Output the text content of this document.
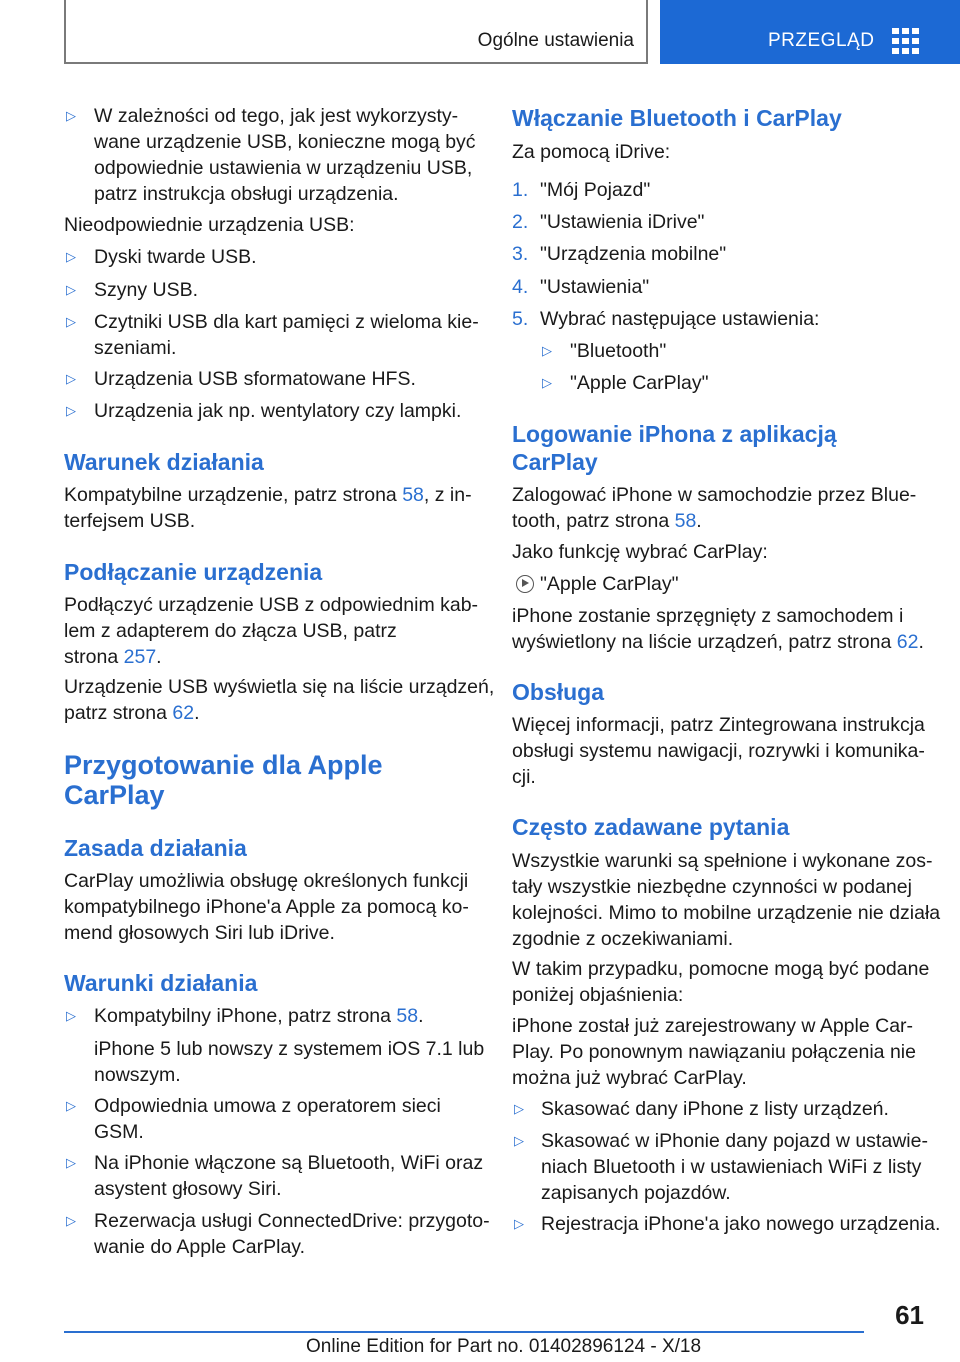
Ogólne ustawienia	PRZEGLĄD
▷ W zależności od tego, jak jest wykorzysty‐
wane urządzenie USB, konieczne mogą być
odpowiednie ustawienia w urządzeniu USB,
patrz instrukcja obsługi urządzenia.
Nieodpowiednie urządzenia USB:
▷ Dyski twarde USB.
▷ Szyny USB.
▷ Czytniki USB dla kart pamięci z wieloma kie‐
szeniami.
▷ Urządzenia USB sformatowane HFS.
▷ Urządzenia jak np. wentylatory czy lampki.
Warunek działania
Kompatybilne urządzenie, patrz strona 58, z in‐
terfejsem USB.
Podłączanie urządzenia
Podłączyć urządzenie USB z odpowiednim kab‐
lem z adapterem do złącza USB, patrz
strona 257.
Urządzenie USB wyświetla się na liście urządzeń,
patrz strona 62.
Przygotowanie dla Apple
CarPlay
Zasada działania
CarPlay umożliwia obsługę określonych funkcji
kompatybilnego iPhone'a Apple za pomocą ko‐
mend głosowych Siri lub iDrive.
Warunki działania
▷ Kompatybilny iPhone, patrz strona 58.
iPhone 5 lub nowszy z systemem iOS 7.1 lub
nowszym.
▷ Odpowiednia umowa z operatorem sieci
GSM.
▷ Na iPhonie włączone są Bluetooth, WiFi oraz
asystent głosowy Siri.
▷ Rezerwacja usługi ConnectedDrive: przygoto‐
wanie do Apple CarPlay.
Włączanie Bluetooth i CarPlay
Za pomocą iDrive:
1. "Mój Pojazd"
2. "Ustawienia iDrive"
3. "Urządzenia mobilne"
4. "Ustawienia"
5. Wybrać następujące ustawienia:
▷ "Bluetooth"
▷ "Apple CarPlay"
Logowanie iPhona z aplikacją
CarPlay
Zalogować iPhone w samochodzie przez Blue‐
tooth, patrz strona 58.
Jako funkcję wybrać CarPlay:
"Apple CarPlay"
iPhone zostanie sprzęgnięty z samochodem i
wyświetlony na liście urządzeń, patrz strona 62.
Obsługa
Więcej informacji, patrz Zintegrowana instrukcja
obsługi systemu nawigacji, rozrywki i komunika‐
cji.
Często zadawane pytania
Wszystkie warunki są spełnione i wykonane zos‐
tały wszystkie niezbędne czynności w podanej
kolejności. Mimo to mobilne urządzenie nie działa
zgodnie z oczekiwaniami.
W takim przypadku, pomocne mogą być podane
poniżej objaśnienia:
iPhone został już zarejestrowany w Apple Car‐
Play. Po ponownym nawiązaniu połączenia nie
można już wybrać CarPlay.
▷ Skasować dany iPhone z listy urządzeń.
▷ Skasować w iPhonie dany pojazd w ustawie‐
niach Bluetooth i w ustawieniach WiFi z listy
zapisanych pojazdów.
▷ Rejestracja iPhone'a jako nowego urządzenia.
61
Online Edition for Part no. 01402896124 - X/18
